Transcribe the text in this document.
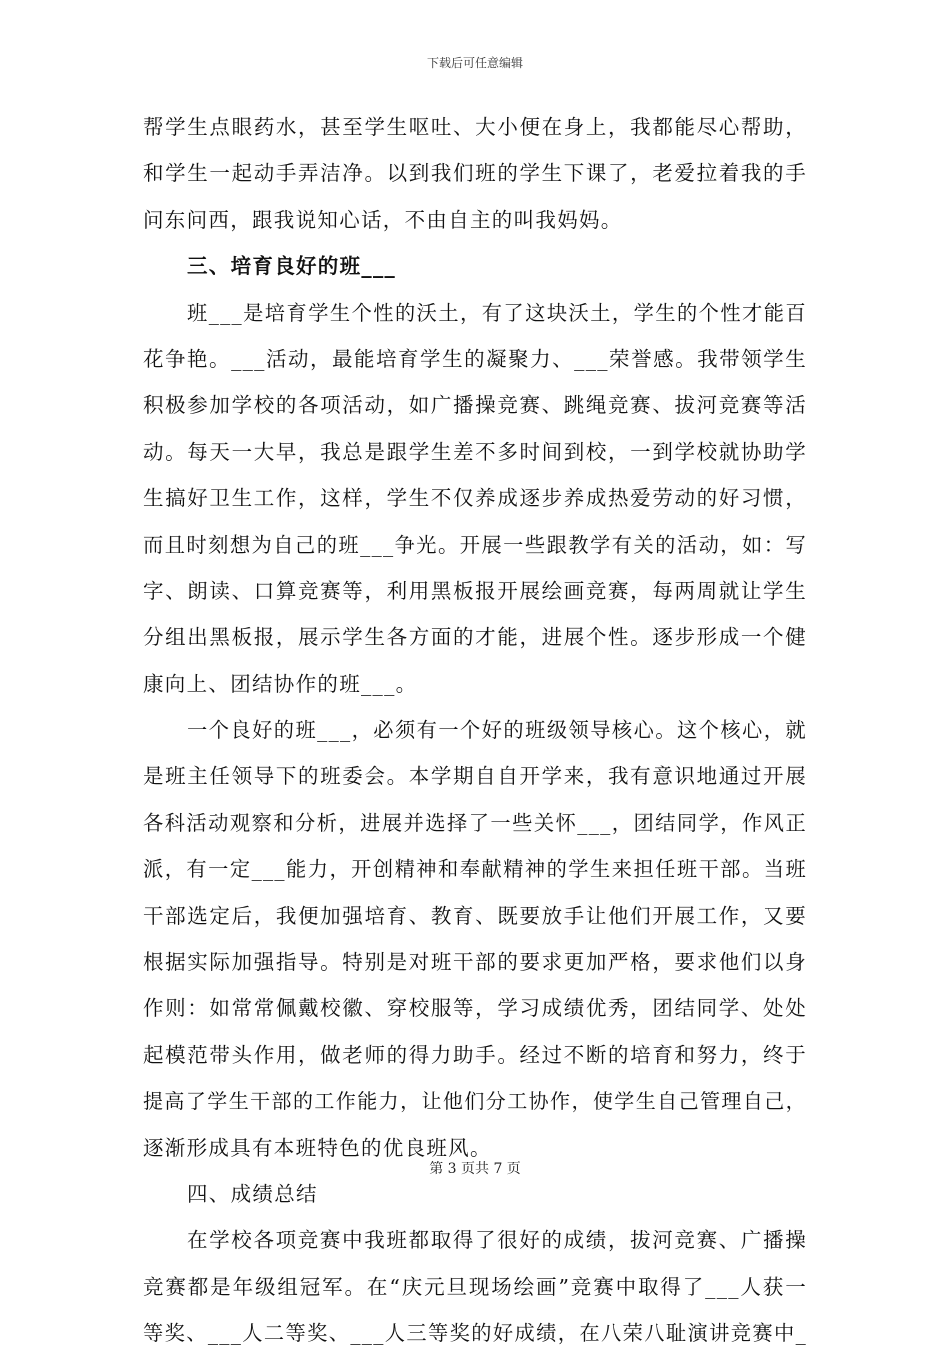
下载后可任意编辑
帮学生点眼药水，甚至学生呕吐、大小便在身上，我都能尽心帮助，
和学生一起动手弄洁净。以到我们班的学生下课了，老爱拉着我的手
问东问西，跟我说知心话，不由自主的叫我妈妈。
三、培育良好的班___
班___是培育学生个性的沃土，有了这块沃土，学生的个性才能百
花争艳。___活动，最能培育学生的凝聚力、___荣誉感。我带领学生
积极参加学校的各项活动，如广播操竞赛、跳绳竞赛、拔河竞赛等活
动。每天一大早，我总是跟学生差不多时间到校，一到学校就协助学
生搞好卫生工作，这样，学生不仅养成逐步养成热爱劳动的好习惯，
而且时刻想为自己的班___争光。开展一些跟教学有关的活动，如：写
字、朗读、口算竞赛等，利用黑板报开展绘画竞赛，每两周就让学生
分组出黑板报，展示学生各方面的才能，进展个性。逐步形成一个健
康向上、团结协作的班___。
一个良好的班___，必须有一个好的班级领导核心。这个核心，就
是班主任领导下的班委会。本学期自自开学来，我有意识地通过开展
各科活动观察和分析，进展并选择了一些关怀___，团结同学，作风正
派，有一定___能力，开创精神和奉献精神的学生来担任班干部。当班
干部选定后，我便加强培育、教育、既要放手让他们开展工作，又要
根据实际加强指导。特别是对班干部的要求更加严格，要求他们以身
作则：如常常佩戴校徽、穿校服等，学习成绩优秀，团结同学、处处
起模范带头作用，做老师的得力助手。经过不断的培育和努力，终于
提高了学生干部的工作能力，让他们分工协作，使学生自己管理自己，
逐渐形成具有本班特色的优良班风。
四、成绩总结
在学校各项竞赛中我班都取得了很好的成绩，拔河竞赛、广播操
竞赛都是年级组冠军。在“庆元旦现场绘画”竞赛中取得了___人获一
等奖、___人二等奖、___人三等奖的好成绩，在八荣八耻演讲竞赛中_
第 3 页共 7 页
